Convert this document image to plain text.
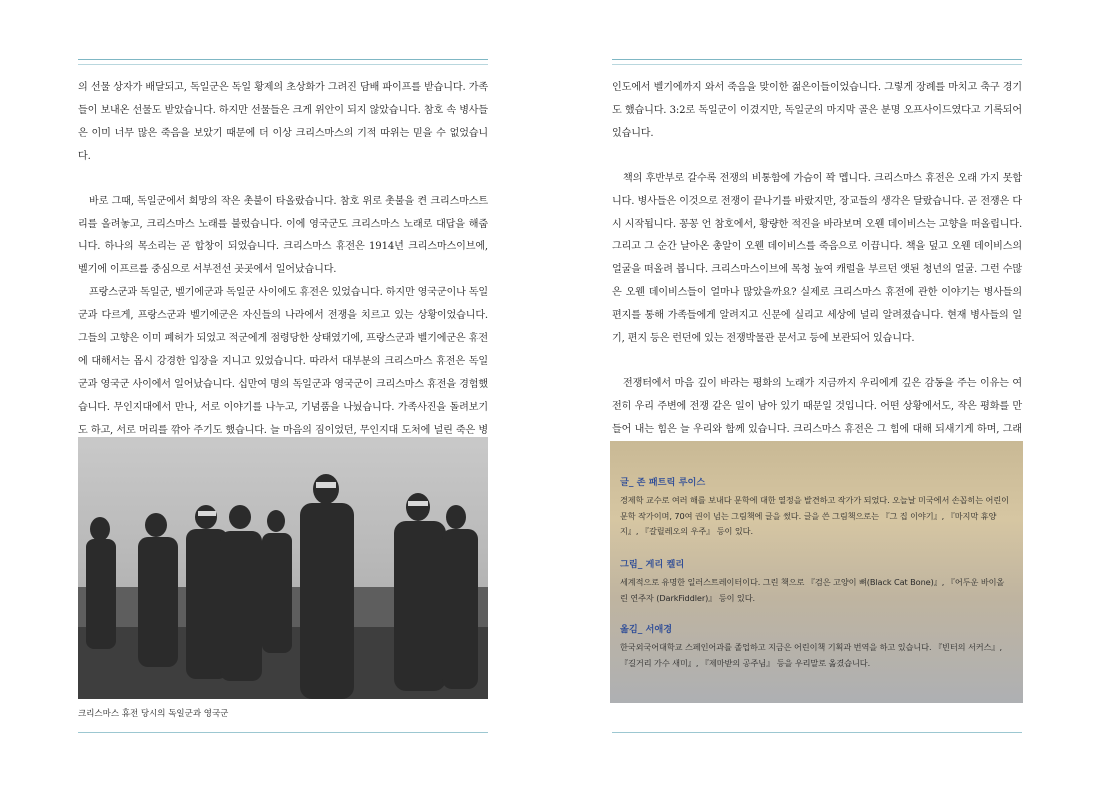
의 선물 상자가 배달되고, 독일군은 독일 황제의 초상화가 그려진 담배 파이프를 받습니다. 가족들이 보내온 선물도 받았습니다. 하지만 선물들은 크게 위안이 되지 않았습니다. 참호 속 병사들은 이미 너무 많은 죽음을 보았기 때문에 더 이상 크리스마스의 기적 따위는 믿을 수 없었습니다.

바로 그때, 독일군에서 희망의 작은 촛불이 타올랐습니다. 참호 위로 촛불을 켠 크리스마스트리를 올려놓고, 크리스마스 노래를 불렀습니다. 이에 영국군도 크리스마스 노래로 대답을 해줍니다. 하나의 목소리는 곧 합창이 되었습니다. 크리스마스 휴전은 1914년 크리스마스이브에, 벨기에 이프르를 중심으로 서부전선 곳곳에서 일어났습니다.

프랑스군과 독일군, 벨기에군과 독일군 사이에도 휴전은 있었습니다. 하지만 영국군이나 독일군과 다르게, 프랑스군과 벨기에군은 자신들의 나라에서 전쟁을 치르고 있는 상황이었습니다. 그들의 고향은 이미 폐허가 되었고 적군에게 점령당한 상태였기에, 프랑스군과 벨기에군은 휴전에 대해서는 몹시 강경한 입장을 지니고 있었습니다. 따라서 대부분의 크리스마스 휴전은 독일군과 영국군 사이에서 일어났습니다. 십만여 명의 독일군과 영국군이 크리스마스 휴전을 경험했습니다. 무인지대에서 만나, 서로 이야기를 나누고, 기념품을 나눴습니다. 가족사진을 돌려보기도 하고, 서로 머리를 깎아 주기도 했습니다. 늘 마음의 짐이었던, 무인지대 도처에 널린 죽은 병

크리스마스 휴전 당시의 독일군과 영국군

인도에서 벨기에까지 와서 죽음을 맞이한 젊은이들이었습니다. 그렇게 장례를 마치고 축구 경기도 했습니다. 3:2로 독일군이 이겼지만, 독일군의 마지막 골은 분명 오프사이드였다고 기록되어 있습니다.

책의 후반부로 갈수록 전쟁의 비통함에 가슴이 꽉 멥니다. 크리스마스 휴전은 오래 가지 못합니다. 병사들은 이것으로 전쟁이 끝나기를 바랐지만, 장교들의 생각은 달랐습니다. 곧 전쟁은 다시 시작됩니다. 꽁꽁 언 참호에서, 황량한 적진을 바라보며 오웬 데이비스는 고향을 떠올립니다. 그리고 그 순간 날아온 총알이 오웬 데이비스를 죽음으로 이끕니다. 책을 덮고 오웬 데이비스의 얼굴을 떠올려 봅니다. 크리스마스이브에 목청 높여 캐럴을 부르던 앳된 청년의 얼굴. 그런 수많은 오웬 데이비스들이 얼마나 많았을까요? 실제로 크리스마스 휴전에 관한 이야기는 병사들의 편지를 통해 가족들에게 알려지고 신문에 실리고 세상에 널리 알려졌습니다. 현재 병사들의 일기, 편지 등은 런던에 있는 전쟁박물관 문서고 등에 보관되어 있습니다.

전쟁터에서 마음 깊이 바라는 평화의 노래가 지금까지 우리에게 깊은 감동을 주는 이유는 여전히 우리 주변에 전쟁 같은 일이 남아 있기 때문일 것입니다. 어떤 상황에서도, 작은 평화를 만들어 내는 힘은 늘 우리와 함께 있습니다. 크리스마스 휴전은 그 힘에 대해 되새기게 하며, 그래

글_ 존 패트릭 루이스

경제학 교수로 여러 해를 보내다 문학에 대한 열정을 발견하고 작가가 되었다. 오늘날 미국에서 손꼽히는 어린이문학 작가이며, 70여 권이 넘는 그림책에 글을 썼다. 글을 쓴 그림책으로는 『그 집 이야기』, 『마지막 휴양지』, 『갈릴레오의 우주』 등이 있다.

그림_ 게리 켈리

세계적으로 유명한 일러스트레이터이다. 그린 책으로 『검은 고양이 뼈(Black Cat Bone)』, 『어두운 바이올린 연주자 (DarkFiddler)』 등이 있다.

옮김_ 서애경

한국외국어대학교 스페인어과를 졸업하고 지금은 어린이책 기획과 번역을 하고 있습니다. 『빈터의 서커스』, 『길거리 가수 새미』, 『제마받의 공주님』 등을 우리말로 옮겼습니다.
